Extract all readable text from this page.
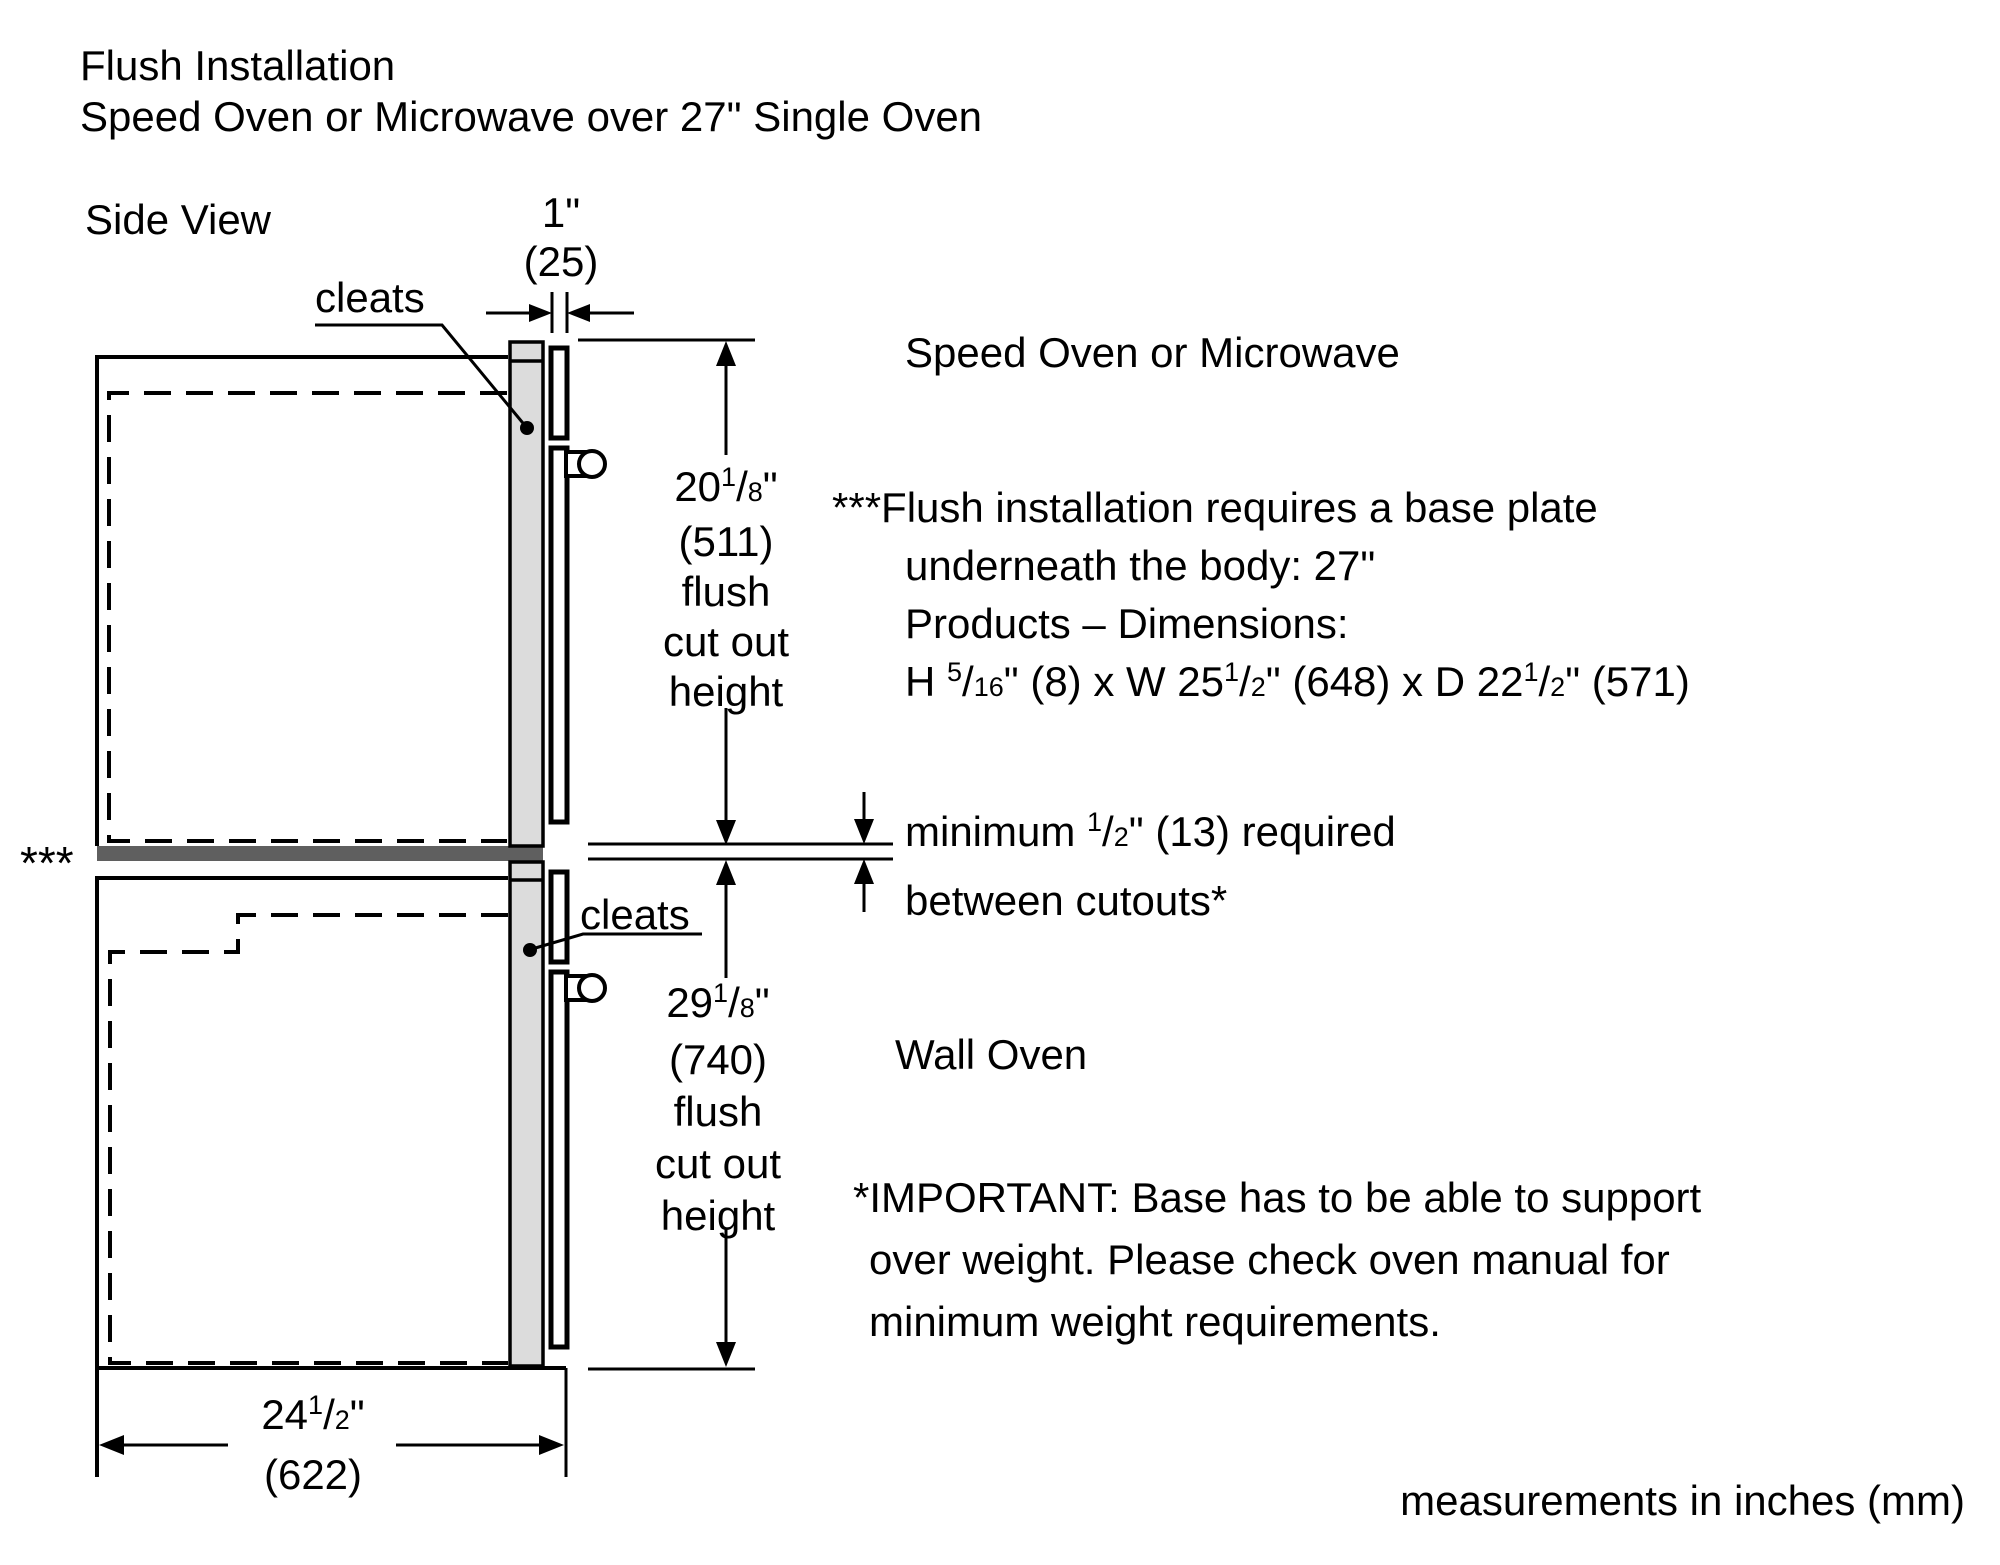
Flush Installation
Speed Oven or Microwave over 27" Single Oven
Side View	1"
(25)
cleats
cleats
Speed Oven or Microwave
Wall Oven
***Flush installation requires a base plate
underneath the body: 27"
Products – Dimensions:
H $^5$/16" (8) x W $25^1/2$" (648) x D $22^1/2$" (571)
$20^1/8$"
(511)
flush
cut out
height
minimum $^1$/2" (13) required
between cutouts*
***
$29^1/8$"
(740)
flush
cut out
height	*IMPORTANT: Base has to be able to support
over weight. Please check oven manual for
minimum weight requirements.
$24^1/2$"
(622)
measurements in inches (mm)
